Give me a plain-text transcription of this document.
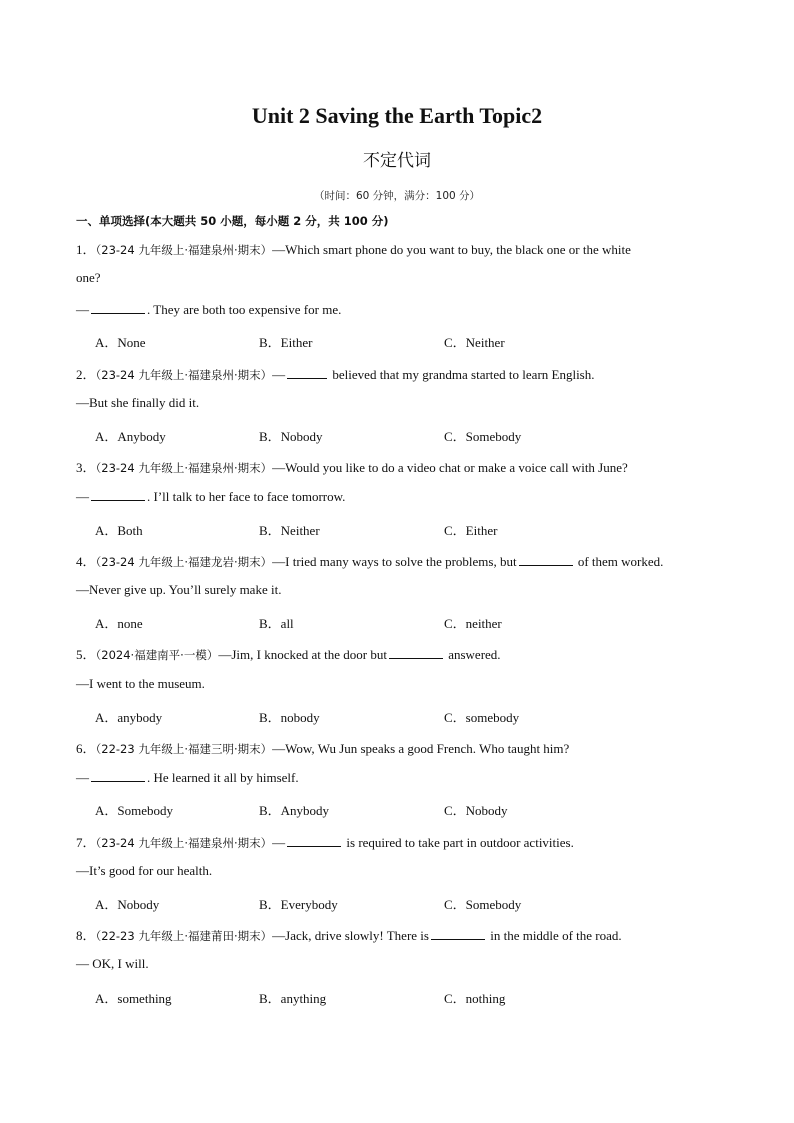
Unit 2 Saving the Earth Topic2
不定代词
（时间：60 分钟，满分：100 分）
一、单项选择(本大题共 50 小题，每小题 2 分，共 100 分)
1．（23-24 九年级上·福建泉州·期末）—Which smart phone do you want to buy, the black one or the white
one?
—	. They are both too expensive for me.
A．None	B．Either	C．Neither
2．（23-24 九年级上·福建泉州·期末）—	believed that my grandma started to learn English.
—But she finally did it.
A．Anybody	B．Nobody	C．Somebody
3．（23-24 九年级上·福建泉州·期末）—Would you like to do a video chat or make a voice call with June?
—	. I’ll talk to her face to face tomorrow.
A．Both	B．Neither	C．Either
4．（23-24 九年级上·福建龙岩·期末）—I tried many ways to solve the problems, but	of them worked.
—Never give up. You’ll surely make it.
A．none	B．all	C．neither
5．（2024·福建南平·一模）—Jim, I knocked at the door but	answered.
—I went to the museum.
A．anybody	B．nobody	C．somebody
6．（22-23 九年级上·福建三明·期末）—Wow, Wu Jun speaks a good French. Who taught him?
—	. He learned it all by himself.
A．Somebody	B．Anybody	C．Nobody
7．（23-24 九年级上·福建泉州·期末）—	is required to take part in outdoor activities.
—It’s good for our health.
A．Nobody	B．Everybody	C．Somebody
8．（22-23 九年级上·福建莆田·期末）—Jack, drive slowly! There is	in the middle of the road.
— OK, I will.
A．something	B．anything	C．nothing
